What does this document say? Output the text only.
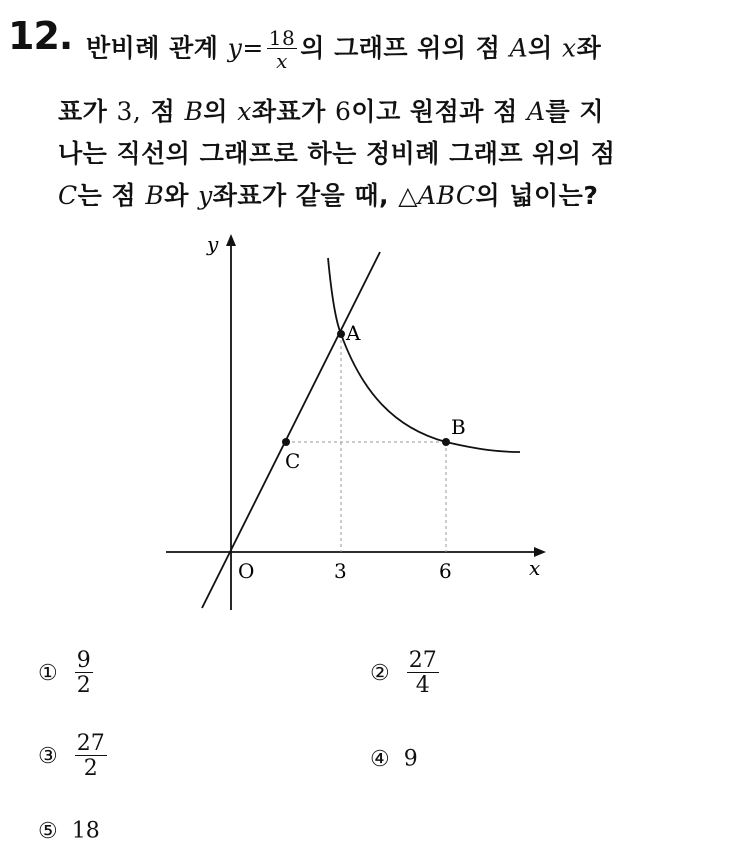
12. 반비례 관계 $y= \frac{18}{x}$ 의 그래프 위의 점 A의 x좌
표가 3, 점 B의 x좌표가 6이고 원점과 점 A를 지
나는 직선의 그래프로 하는 정비례 그래프 위의 점
C는 점 B와 y좌표가 같을 때, △ABC의 넓이는?
A
B
C
O	3	6	x
y
① $\frac{9}{2}$	② $\frac{27}{4}$
③ $\frac{27}{2}$	④ 9
⑤ 18
